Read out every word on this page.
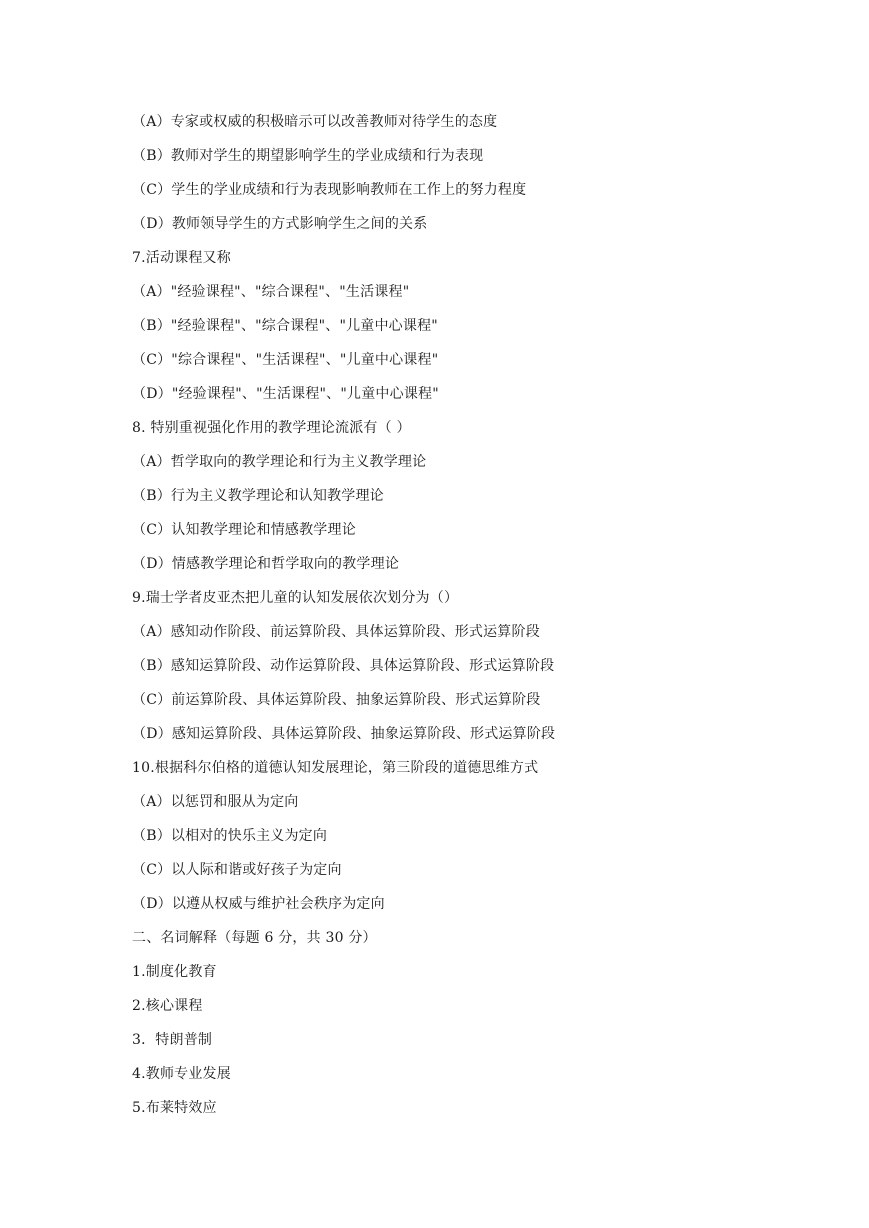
（A）专家或权威的积极暗示可以改善教师对待学生的态度
（B）教师对学生的期望影响学生的学业成绩和行为表现
（C）学生的学业成绩和行为表现影响教师在工作上的努力程度
（D）教师领导学生的方式影响学生之间的关系
7.活动课程又称
（A）"经验课程"、"综合课程"、"生活课程"
（B）"经验课程"、"综合课程"、"儿童中心课程"
（C）"综合课程"、"生活课程"、"儿童中心课程"
（D）"经验课程"、"生活课程"、"儿童中心课程"
8. 特别重视强化作用的教学理论流派有（ ）
（A）哲学取向的教学理论和行为主义教学理论
（B）行为主义教学理论和认知教学理论
（C）认知教学理论和情感教学理论
（D）情感教学理论和哲学取向的教学理论
9.瑞士学者皮亚杰把儿童的认知发展依次划分为（）
（A）感知动作阶段、前运算阶段、具体运算阶段、形式运算阶段
（B）感知运算阶段、动作运算阶段、具体运算阶段、形式运算阶段
（C）前运算阶段、具体运算阶段、抽象运算阶段、形式运算阶段
（D）感知运算阶段、具体运算阶段、抽象运算阶段、形式运算阶段
10.根据科尔伯格的道德认知发展理论，第三阶段的道德思维方式
（A）以惩罚和服从为定向
（B）以相对的快乐主义为定向
（C）以人际和谐或好孩子为定向
（D）以遵从权威与维护社会秩序为定向
二、名词解释（每题 6 分，共 30 分）
1.制度化教育
2.核心课程
3．特朗普制
4.教师专业发展
5.布莱特效应
